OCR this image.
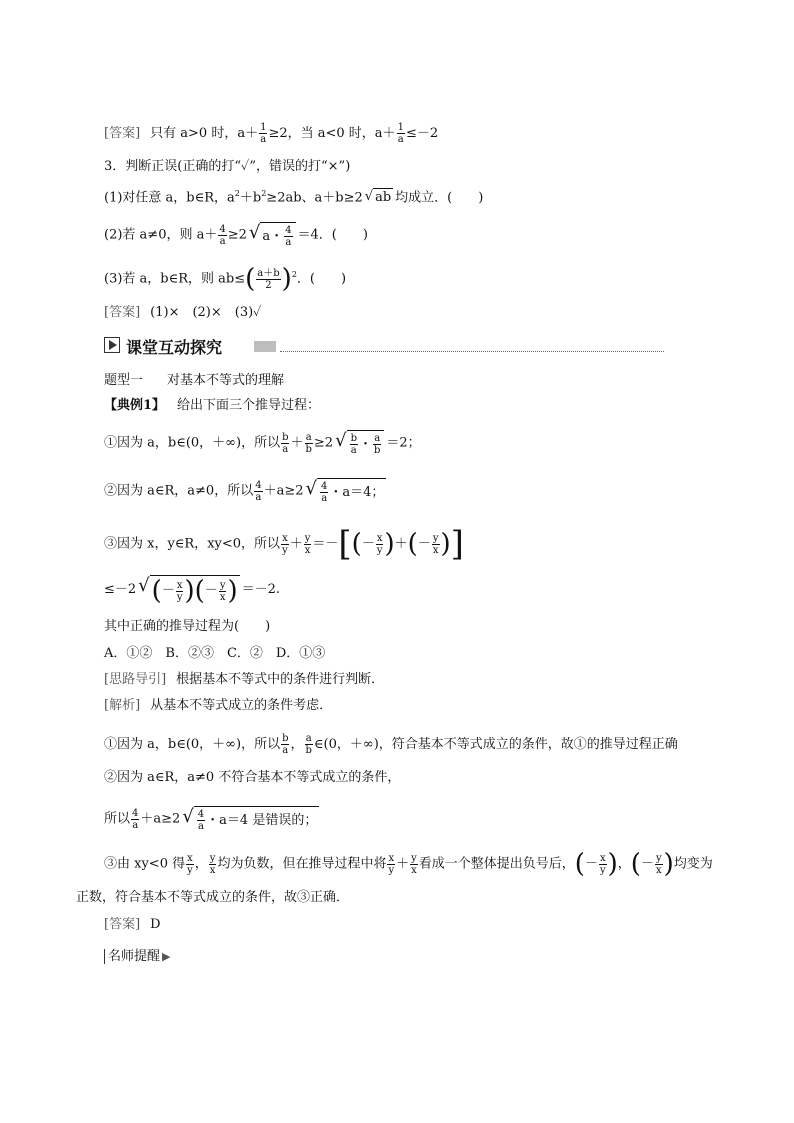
[答案] 只有 a>0 时，$a+ \frac{1}{a} \ge 2$，当 a<0 时，$a+ \frac{1}{a} \le-2$
3．判断正误(正确的打“✓”，错误的打“×”)
(1)对任意 a，b∈R，$a^2+b^2\ge 2ab$、a＋b≥2 √ ab 均成立．(　　)
(2)若 a≠0，则 $a+ \frac{4}{a} \ge 2$ √ a・ $\frac{4}{a} =4$．(　　)
(3)若 a，b∈R，则 $ab\le( \frac{a+b}{2} )^2$．(　　)
[答案] (1)×　(2)×　(3)✓
课堂互动探究
题型一 对基本不等式的理解
【典例1】 给出下面三个推导过程：
①因为 a，b∈(0，＋∞)，所以 $\frac{b}{a} + \frac{a}{b} \ge 2$ √ $\frac{b}{a}$ ・ $\frac{a}{b} =2$；
②因为 a∈R，a≠0，所以 $\frac{4}{a} +a\ge 2$ √ $\frac{4}{a}$ ・a＝4；
③因为 x，y∈R，xy<0，所以 $\frac{x}{y} + \frac{y}{x}$ ＝－[(－ $\frac{x}{y}$ )＋(－ $\frac{y}{x}$ )]
≤－2 √ ( － $\frac{x}{y}$ ) ( － $\frac{y}{x}$ ) ＝－2.
其中正确的推导过程为(　　)
A．①②　B．②③　C．②　D．①③
[思路导引] 根据基本不等式中的条件进行判断．
[解析] 从基本不等式成立的条件考虑．
①因为 a，b∈(0，＋∞)，所以 $\frac{b}{a}$ ， $\frac{a}{b}$ ∈(0，＋∞)，符合基本不等式成立的条件，故①的推导过程正确
②因为 a∈R，a≠0 不符合基本不等式成立的条件，
所以 $\frac{4}{a} +a\ge 2$ √ $\frac{4}{a}$ ・a＝4 是错误的；
③由 xy<0 得 $\frac{x}{y}$ ， $\frac{y}{x}$ 均为负数，但在推导过程中将 $\frac{x}{y} + \frac{y}{x}$ 看成一个整体提出负号后，(－ $\frac{x}{y}$ )，(－ $\frac{y}{x}$ )均变为
正数，符合基本不等式成立的条件，故③正确．
[答案] D
名师提醒 ▶
